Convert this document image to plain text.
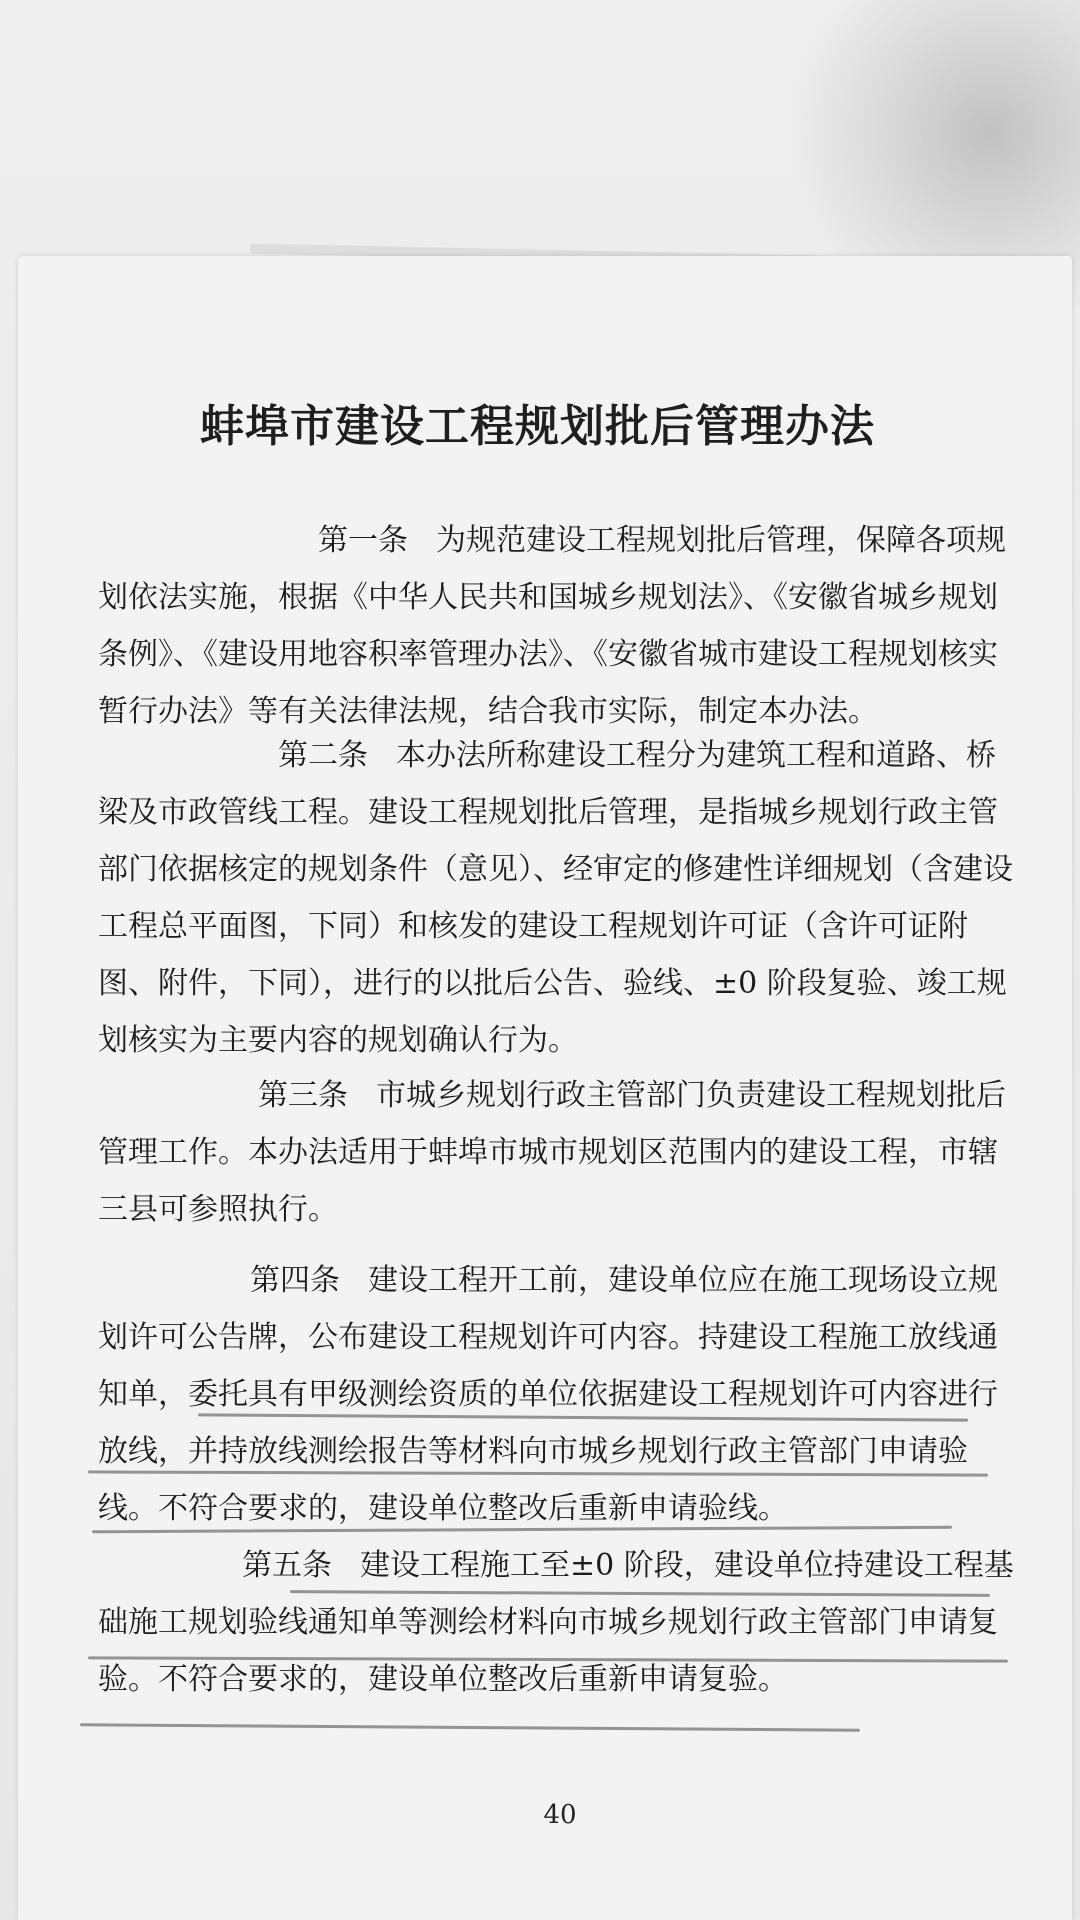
蚌埠市建设工程规划批后管理办法

第一条 为规范建设工程规划批后管理，保障各项规划依法实施，根据《中华人民共和国城乡规划法》、《安徽省城乡规划条例》、《建设用地容积率管理办法》、《安徽省城市建设工程规划核实暂行办法》等有关法律法规，结合我市实际，制定本办法。

第二条 本办法所称建设工程分为建筑工程和道路、桥梁及市政管线工程。建设工程规划批后管理，是指城乡规划行政主管部门依据核定的规划条件（意见）、经审定的修建性详细规划（含建设工程总平面图，下同）和核发的建设工程规划许可证（含许可证附图、附件，下同），进行的以批后公告、验线、±0 阶段复验、竣工规划核实为主要内容的规划确认行为。

第三条 市城乡规划行政主管部门负责建设工程规划批后管理工作。本办法适用于蚌埠市城市规划区范围内的建设工程，市辖三县可参照执行。

第四条 建设工程开工前，建设单位应在施工现场设立规划许可公告牌，公布建设工程规划许可内容。持建设工程施工放线通知单，委托具有甲级测绘资质的单位依据建设工程规划许可内容进行放线，并持放线测绘报告等材料向市城乡规划行政主管部门申请验线。不符合要求的，建设单位整改后重新申请验线。

第五条 建设工程施工至±0 阶段，建设单位持建设工程基础施工规划验线通知单等测绘材料向市城乡规划行政主管部门申请复验。不符合要求的，建设单位整改后重新申请复验。

40
